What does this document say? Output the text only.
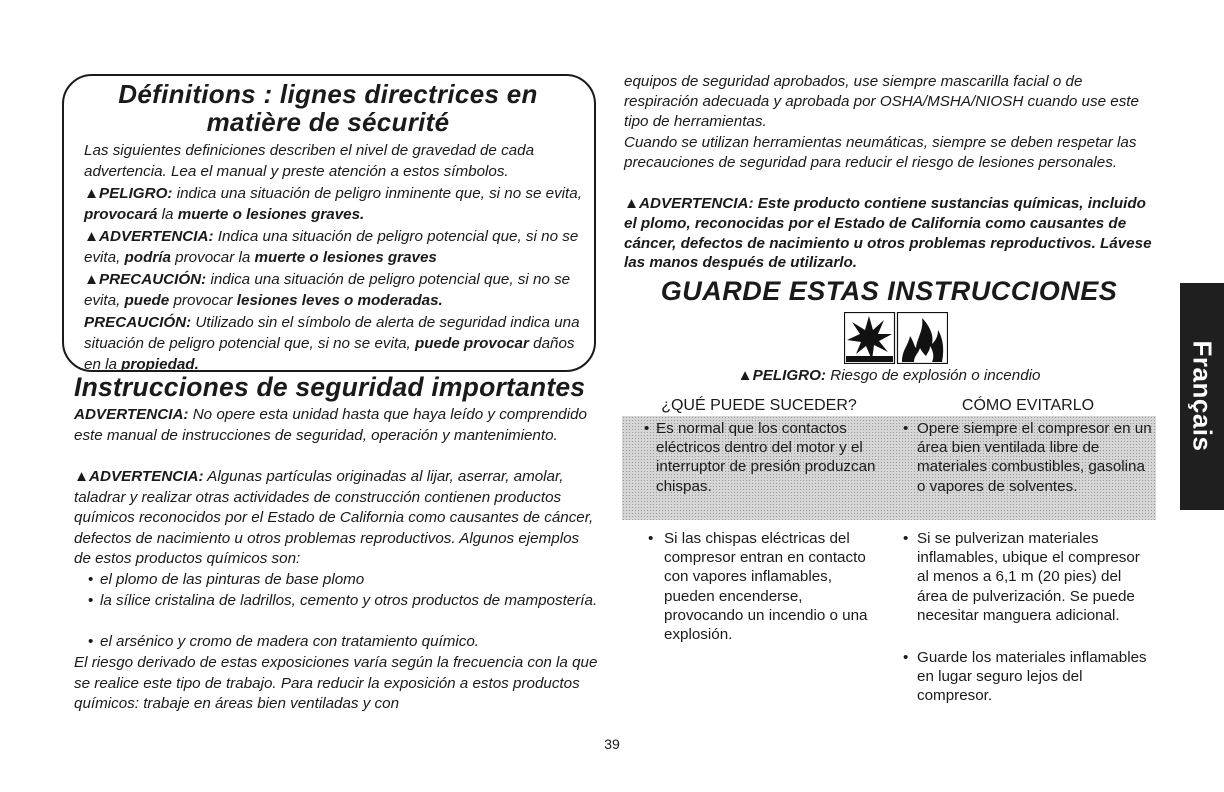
Définitions : lignes directrices en
matière de sécurité
Las siguientes definiciones describen el nivel de gravedad de cada advertencia. Lea el manual y preste atención a estos símbolos.
▲PELIGRO: indica una situación de peligro inminente que, si no se evita, provocará la muerte o lesiones graves.
▲ADVERTENCIA: Indica una situación de peligro potencial que, si no se evita, podría provocar la muerte o lesiones graves
▲PRECAUCIÓN: indica una situación de peligro potencial que, si no se evita, puede provocar lesiones leves o moderadas.
PRECAUCIÓN: Utilizado sin el símbolo de alerta de seguridad indica una situación de peligro potencial que, si no se evita, puede provocar daños en la propiedad.
Instrucciones de seguridad importantes
ADVERTENCIA: No opere esta unidad hasta que haya leído y comprendido este manual de instrucciones de seguridad, operación y mantenimiento.
▲ADVERTENCIA: Algunas partículas originadas al lijar, aserrar, amolar, taladrar y realizar otras actividades de construcción contienen productos químicos reconocidos por el Estado de California como causantes de cáncer, defectos de nacimiento u otros problemas reproductivos. Algunos ejemplos de estos productos químicos son:
• el plomo de las pinturas de base plomo
• la sílice cristalina de ladrillos, cemento y otros productos de mampostería.
• el arsénico y cromo de madera con tratamiento químico.
El riesgo derivado de estas exposiciones varía según la frecuencia con la que se realice este tipo de trabajo. Para reducir la exposición a estos productos químicos: trabaje en áreas bien ventiladas y con
equipos de seguridad aprobados, use siempre mascarilla facial o de respiración adecuada y aprobada por OSHA/MSHA/NIOSH cuando use este tipo de herramientas.
Cuando se utilizan herramientas neumáticas, siempre se deben respetar las precauciones de seguridad para reducir el riesgo de lesiones personales.
▲ADVERTENCIA: Este producto contiene sustancias químicas, incluido el plomo, reconocidas por el Estado de California como causantes de cáncer, defectos de nacimiento u otros problemas reproductivos. Lávese las manos después de utilizarlo.
GUARDE ESTAS INSTRUCCIONES
▲PELIGRO: Riesgo de explosión o incendio
¿QUÉ PUEDE SUCEDER?	CÓMO EVITARLO
• Es normal que los contactos eléctricos dentro del motor y el interruptor de presión produzcan chispas.
• Si las chispas eléctricas del compresor entran en contacto con vapores inflamables, pueden encenderse, provocando un incendio o una explosión.
• Opere siempre el compresor en un área bien ventilada libre de materiales combustibles, gasolina o vapores de solventes.
• Si se pulverizan materiales inflamables, ubique el compresor al menos a 6,1 m (20 pies) del área de pulverización. Se puede necesitar manguera adicional.
• Guarde los materiales inflamables en lugar seguro lejos del compresor.
Français
39
